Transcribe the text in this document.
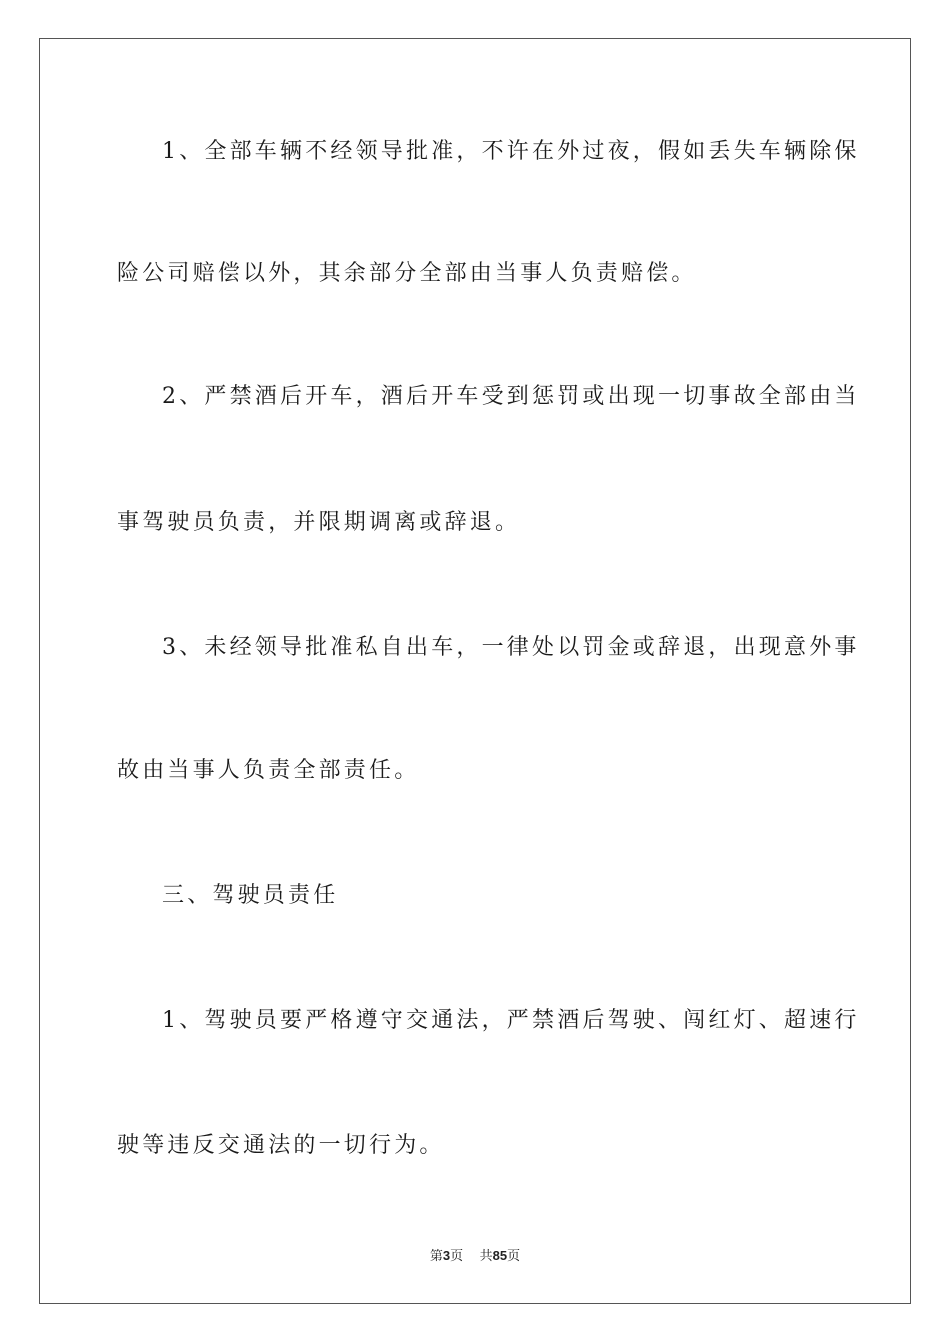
1、全部车辆不经领导批准，不许在外过夜，假如丢失车辆除保

险公司赔偿以外，其余部分全部由当事人负责赔偿。

2、严禁酒后开车，酒后开车受到惩罚或出现一切事故全部由当

事驾驶员负责，并限期调离或辞退。

3、未经领导批准私自出车，一律处以罚金或辞退，出现意外事

故由当事人负责全部责任。

三、驾驶员责任

1、驾驶员要严格遵守交通法，严禁酒后驾驶、闯红灯、超速行

驶等违反交通法的一切行为。

第3页 共85页
